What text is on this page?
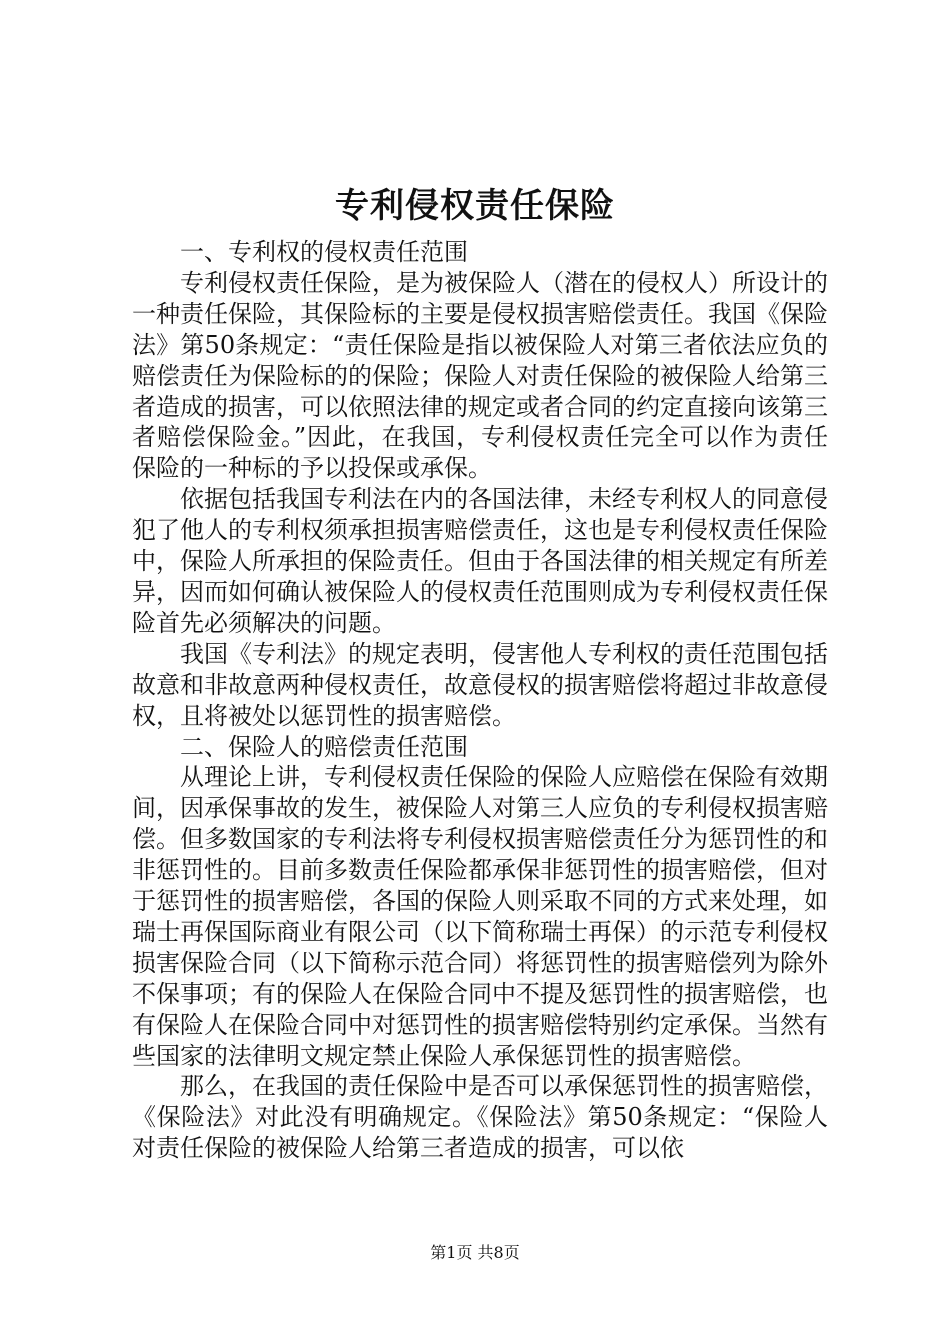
专利侵权责任保险

一、专利权的侵权责任范围

专利侵权责任保险，是为被保险人（潜在的侵权人）所设计的一种责任保险，其保险标的主要是侵权损害赔偿责任。我国《保险法》第50条规定：“责任保险是指以被保险人对第三者依法应负的赔偿责任为保险标的的保险；保险人对责任保险的被保险人给第三者造成的损害，可以依照法律的规定或者合同的约定直接向该第三者赔偿保险金。”因此，在我国，专利侵权责任完全可以作为责任保险的一种标的予以投保或承保。

依据包括我国专利法在内的各国法律，未经专利权人的同意侵犯了他人的专利权须承担损害赔偿责任，这也是专利侵权责任保险中，保险人所承担的保险责任。但由于各国法律的相关规定有所差异，因而如何确认被保险人的侵权责任范围则成为专利侵权责任保险首先必须解决的问题。

我国《专利法》的规定表明，侵害他人专利权的责任范围包括故意和非故意两种侵权责任，故意侵权的损害赔偿将超过非故意侵权，且将被处以惩罚性的损害赔偿。

二、保险人的赔偿责任范围

从理论上讲，专利侵权责任保险的保险人应赔偿在保险有效期间，因承保事故的发生，被保险人对第三人应负的专利侵权损害赔偿。但多数国家的专利法将专利侵权损害赔偿责任分为惩罚性的和非惩罚性的。目前多数责任保险都承保非惩罚性的损害赔偿，但对于惩罚性的损害赔偿，各国的保险人则采取不同的方式来处理，如瑞士再保国际商业有限公司（以下简称瑞士再保）的示范专利侵权损害保险合同（以下简称示范合同）将惩罚性的损害赔偿列为除外不保事项；有的保险人在保险合同中不提及惩罚性的损害赔偿，也有保险人在保险合同中对惩罚性的损害赔偿特别约定承保。当然有些国家的法律明文规定禁止保险人承保惩罚性的损害赔偿。

那么，在我国的责任保险中是否可以承保惩罚性的损害赔偿，《保险法》对此没有明确规定。《保险法》第50条规定：“保险人对责任保险的被保险人给第三者造成的损害，可以依

第1页 共8页
